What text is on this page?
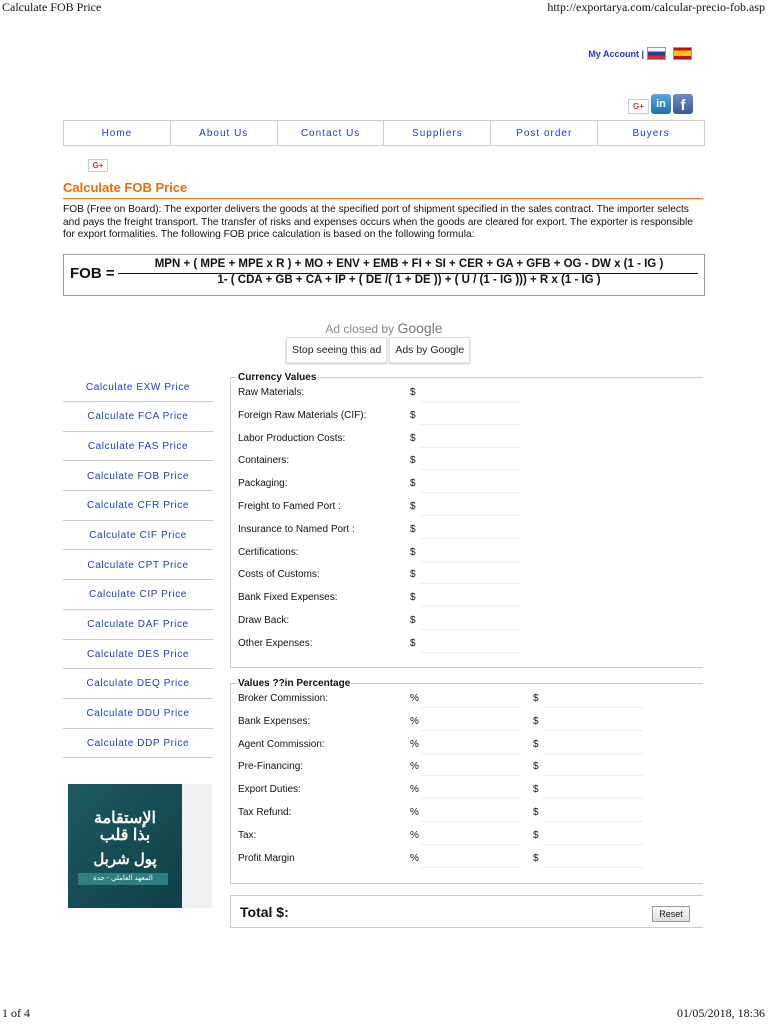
Calculate FOB Price	http://exportarya.com/calcular-precio-fob.asp
My Account |
G+	in f
Home	About Us	Contact Us	Suppliers	Post order	Buyers
G+
Calculate FOB Price
FOB (Free on Board): The exporter delivers the goods at the specified port of shipment specified in the sales contract. The importer selects and pays the freight transport. The transfer of risks and expenses occurs when the goods are cleared for export. The exporter is responsible for export formalities. The following FOB price calculation is based on the following formula:
FOB =
MPN + ( MPE + MPE x R ) + MO + ENV + EMB + FI + SI + CER + GA + GFB + OG - DW x (1 - IG )
1- ( CDA + GB + CA + IP + ( DE /( 1 + DE )) + ( U / (1 - IG ))) + R x (1 - IG )
Ad closed by Google
Stop seeing this ad	Ads by Google
Calculate EXW Price
Calculate FCA Price
Calculate FAS Price
Calculate FOB Price
Calculate CFR Price
Calculate CIF Price
Calculate CPT Price
Calculate CIP Price
Calculate DAF Price
Calculate DES Price
Calculate DEQ Price
Calculate DDU Price
Calculate DDP Price
الإستقامة
بذا قلب
پول شربل
المعهد العاملي - جدة
Currency Values
Raw Materials:	$
Foreign Raw Materials (CIF):	$
Labor Production Costs:	$
Containers:	$
Packaging:	$
Freight to Famed Port :	$
Insurance to Named Port :	$
Certifications:	$
Costs of Customs:	$
Bank Fixed Expenses:	$
Draw Back:	$
Other Expenses:	$
Values ??in Percentage
Broker Commission:	%	$
Bank Expenses:	%	$
Agent Commission:	%	$
Pre-Financing:	%	$
Export Duties:	%	$
Tax Refund:	%	$
Tax:	%	$
Profit Margin	%	$
Total $:	Reset
1 of 4	01/05/2018, 18:36
